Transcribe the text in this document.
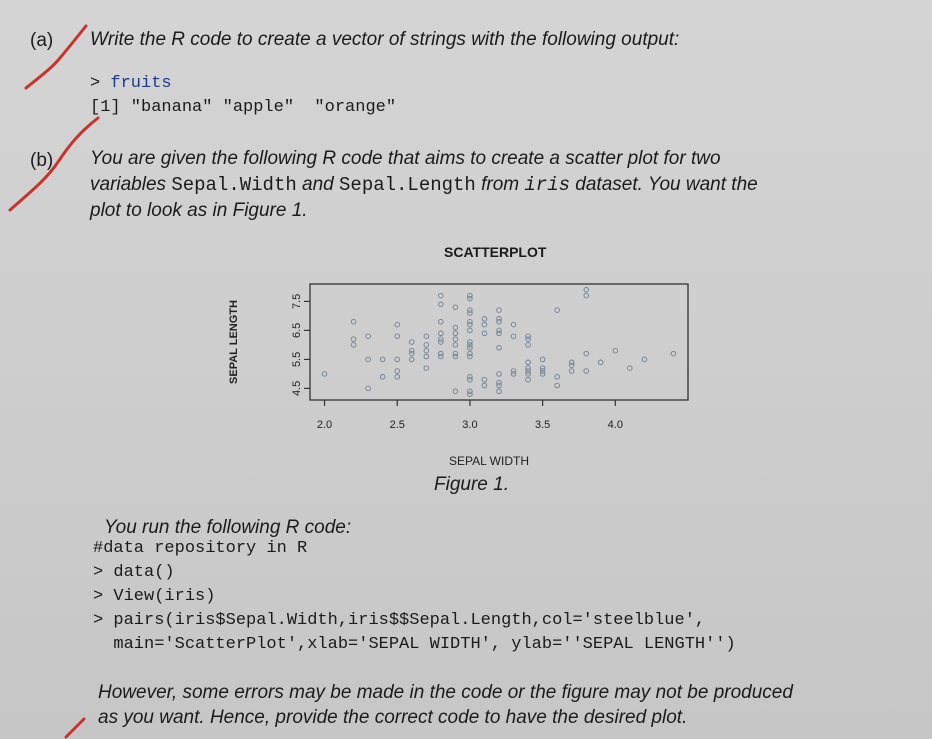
(a) Write the R code to create a vector of strings with the following output:
> fruits
[1] "banana" "apple"  "orange"
(b) You are given the following R code that aims to create a scatter plot for two
variables Sepal.Width and Sepal.Length from iris dataset. You want the
plot to look as in Figure 1.
SCATTERPLOT
2.0	2.5	3.0	3.5	4.0
4.5
5.5
6.5
7.5
SEPAL WIDTH
SEPAL LENGTH
Figure 1.
You run the following R code:
#data repository in R
> data()
> View(iris)
> pairs(iris$Sepal.Width,iris$$Sepal.Length,col='steelblue',
main='ScatterPlot',xlab='SEPAL WIDTH', ylab=''SEPAL LENGTH'')
However, some errors may be made in the code or the figure may not be produced
as you want. Hence, provide the correct code to have the desired plot.
